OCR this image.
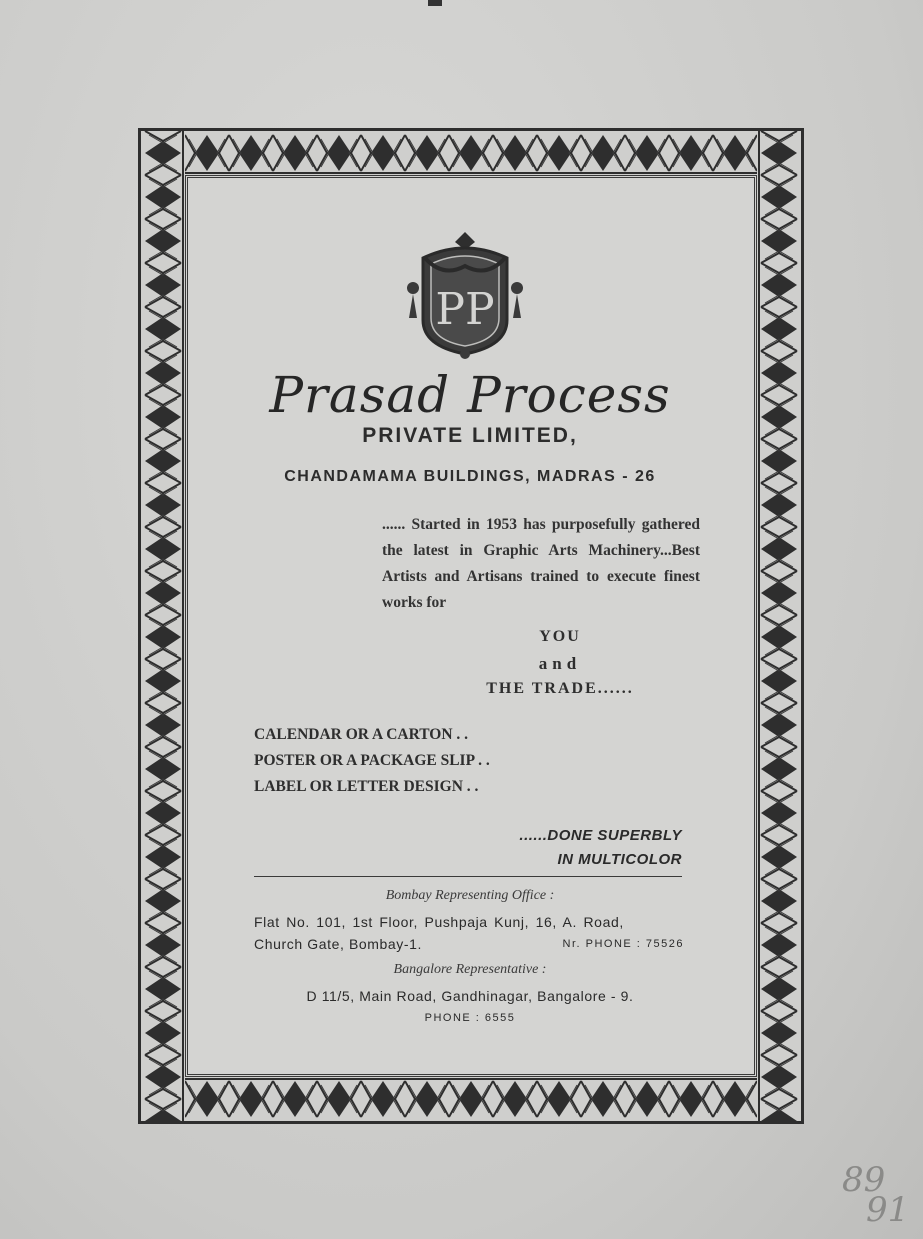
PP
Prasad Process
PRIVATE LIMITED,
CHANDAMAMA BUILDINGS, MADRAS - 26
...... Started in 1953 has purposefully gathered the latest in Graphic Arts Machinery...Best Artists and Artisans trained to execute finest works for
YOU
and
THE TRADE......
CALENDAR OR A CARTON . .
POSTER OR A PACKAGE SLIP . .
LABEL OR LETTER DESIGN . .
......DONE SUPERBLY
IN MULTICOLOR
Bombay Representing Office :
Flat No. 101, 1st Floor, Pushpaja Kunj, 16, A. Road,
Church Gate, Bombay-1.	Nr. PHONE : 75526
Bangalore Representative :
D 11/5, Main Road, Gandhinagar, Bangalore - 9.
PHONE : 6555
89
91
